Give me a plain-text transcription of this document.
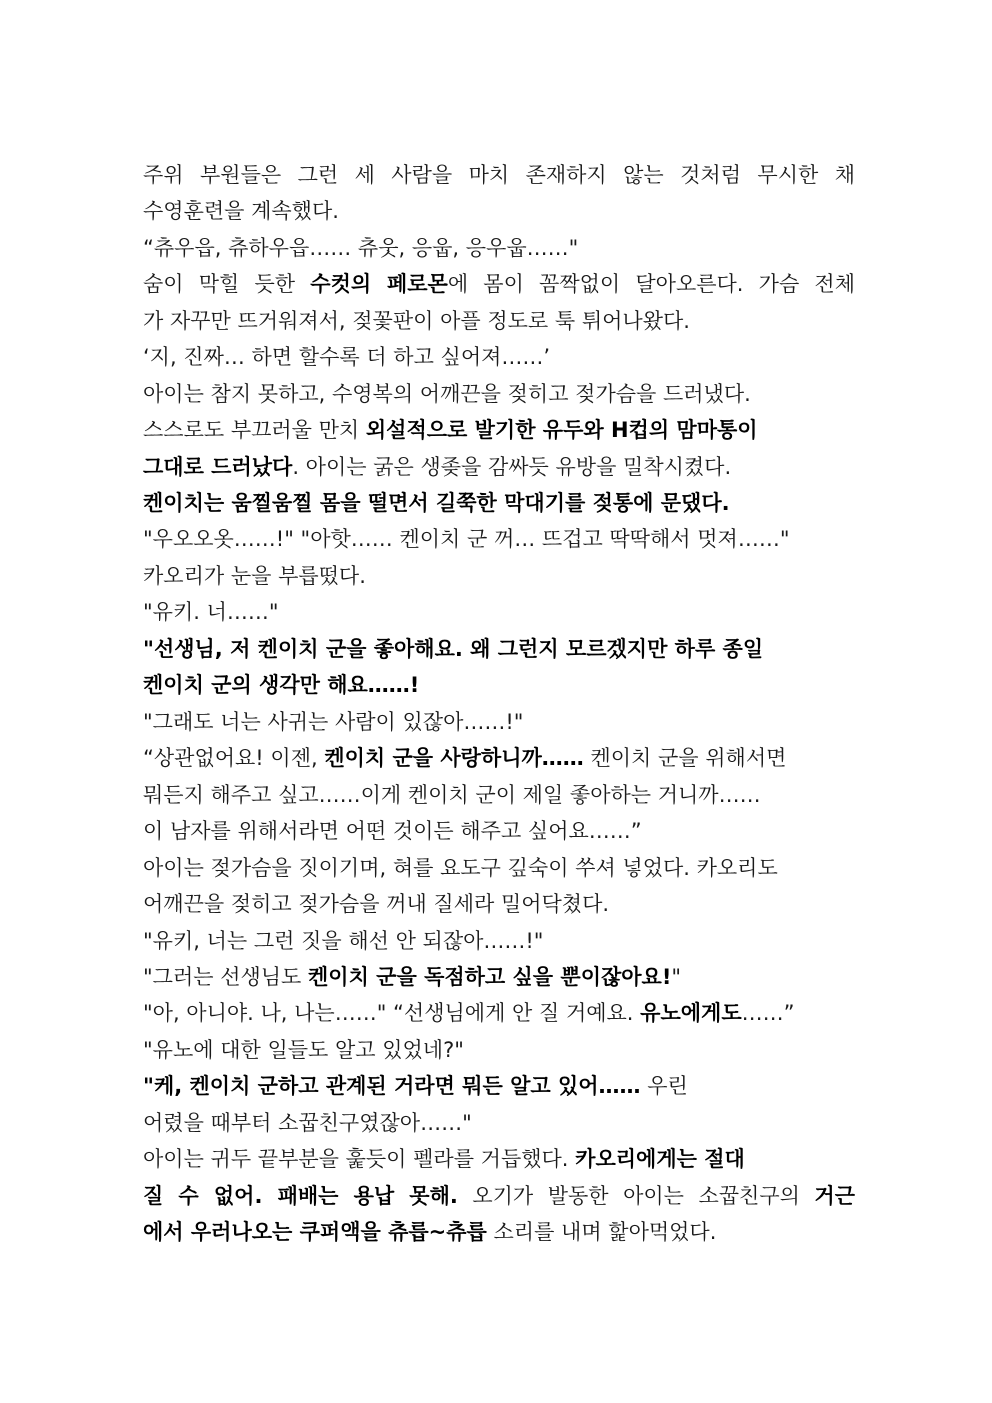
주위 부원들은 그런 세 사람을 마치 존재하지 않는 것처럼 무시한 채
수영훈련을 계속했다.
“츄우읍, 츄하우읍…… 츄웃, 응웁, 응우웁……"
숨이 막힐 듯한 수컷의 페로몬에 몸이 꼼짝없이 달아오른다. 가슴 전체
가 자꾸만 뜨거워져서, 젖꽃판이 아플 정도로 툭 튀어나왔다.
‘지, 진짜… 하면 할수록 더 하고 싶어져……’
아이는 참지 못하고, 수영복의 어깨끈을 젖히고 젖가슴을 드러냈다.
스스로도 부끄러울 만치 외설적으로 발기한 유두와 H컵의 맘마통이
그대로 드러났다. 아이는 굵은 생좆을 감싸듯 유방을 밀착시켰다.
켄이치는 움찔움찔 몸을 떨면서 길쭉한 막대기를 젖통에 문댔다.
"우오오옷……!" "아핫…… 켄이치 군 꺼… 뜨겁고 딱딱해서 멋져……"
카오리가 눈을 부릅떴다.
"유키. 너……"
"선생님, 저 켄이치 군을 좋아해요. 왜 그런지 모르겠지만 하루 종일
켄이치 군의 생각만 해요……!
"그래도 너는 사귀는 사람이 있잖아……!"
“상관없어요! 이젠, 켄이치 군을 사랑하니까…… 켄이치 군을 위해서면
뭐든지 해주고 싶고……이게 켄이치 군이 제일 좋아하는 거니까……
이 남자를 위해서라면 어떤 것이든 해주고 싶어요……”
아이는 젖가슴을 짓이기며, 혀를 요도구 깊숙이 쑤셔 넣었다. 카오리도
어깨끈을 젖히고 젖가슴을 꺼내 질세라 밀어닥쳤다.
"유키, 너는 그런 짓을 해선 안 되잖아……!"
"그러는 선생님도 켄이치 군을 독점하고 싶을 뿐이잖아요!"
"아, 아니야. 나, 나는……" “선생님에게 안 질 거예요. 유노에게도……”
"유노에 대한 일들도 알고 있었네?"
"케, 켄이치 군하고 관계된 거라면 뭐든 알고 있어…… 우린
어렸을 때부터 소꿉친구였잖아……"
아이는 귀두 끝부분을 훑듯이 펠라를 거듭했다. 카오리에게는 절대
질 수 없어. 패배는 용납 못해. 오기가 발동한 아이는 소꿉친구의 거근
에서 우러나오는 쿠퍼액을 츄릅~츄릅 소리를 내며 핥아먹었다.
